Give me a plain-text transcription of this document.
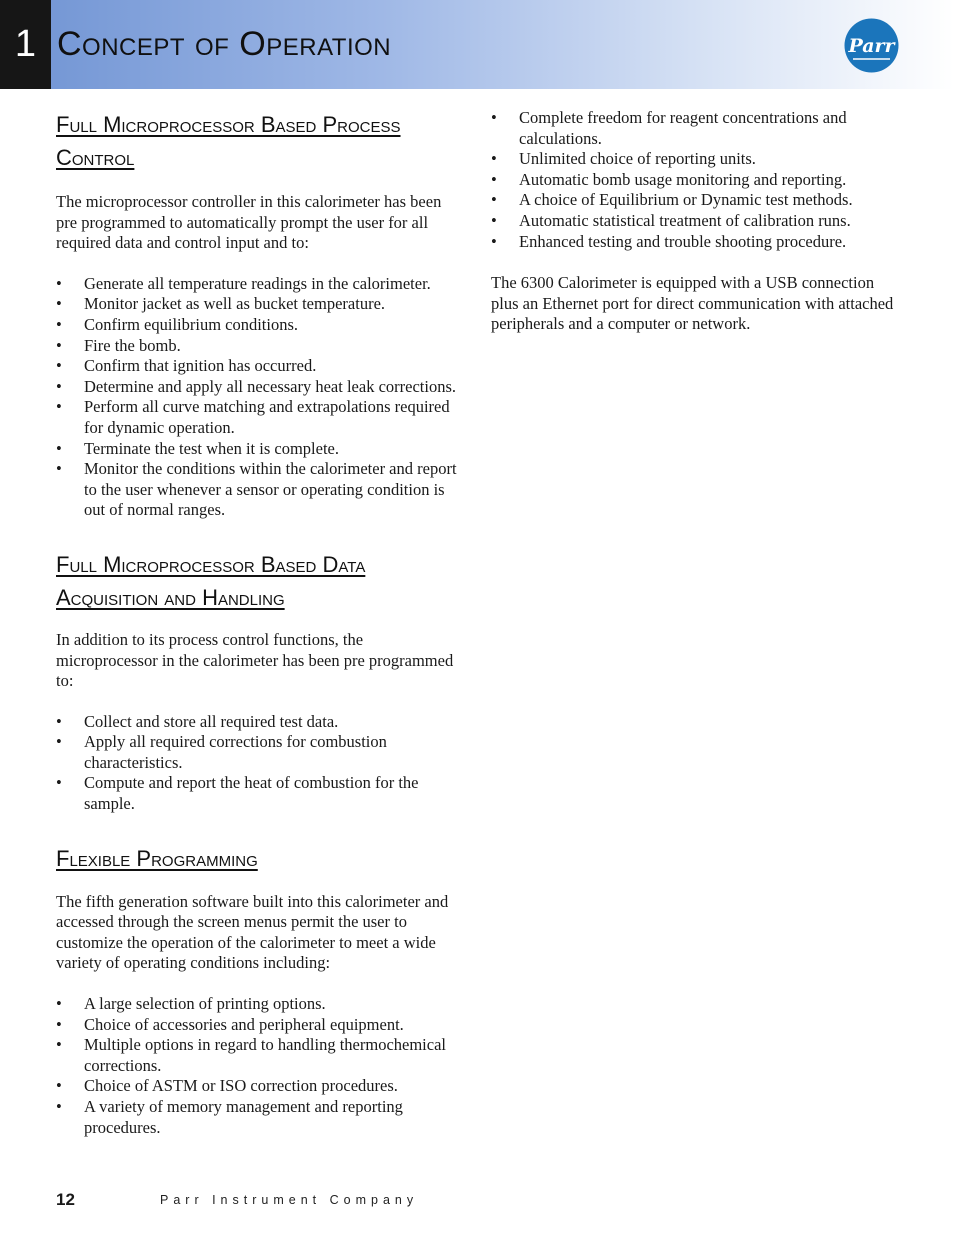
1 Concept of Operation	Parr
Full Microprocessor Based Process
Control

The microprocessor controller in this calorimeter has been pre programmed to automatically prompt the user for all required data and control input and to:

• Generate all temperature readings in the calorimeter.
• Monitor jacket as well as bucket temperature.
• Confirm equilibrium conditions.
• Fire the bomb.
• Confirm that ignition has occurred.
• Determine and apply all necessary heat leak corrections.
• Perform all curve matching and extrapolations required for dynamic operation.
• Terminate the test when it is complete.
• Monitor the conditions within the calorimeter and report to the user whenever a sensor or operating condition is out of normal ranges.
Full Microprocessor Based Data
Acquisition and Handling

In addition to its process control functions, the microprocessor in the calorimeter has been pre programmed to:

• Collect and store all required test data.
• Apply all required corrections for combustion characteristics.
• Compute and report the heat of combustion for the sample.
Flexible Programming

The fifth generation software built into this calorimeter and accessed through the screen menus permit the user to customize the operation of the calorimeter to meet a wide variety of operating conditions including:

• A large selection of printing options.
• Choice of accessories and peripheral equipment.
• Multiple options in regard to handling thermochemical corrections.
• Choice of ASTM or ISO correction procedures.
• A variety of memory management and reporting procedures.
• Complete freedom for reagent concentrations and calculations.
• Unlimited choice of reporting units.
• Automatic bomb usage monitoring and reporting.
• A choice of Equilibrium or Dynamic test methods.
• Automatic statistical treatment of calibration runs.
• Enhanced testing and trouble shooting procedure.

The 6300 Calorimeter is equipped with a USB connection plus an Ethernet port for direct communication with attached peripherals and a computer or network.

12	Parr Instrument Company
